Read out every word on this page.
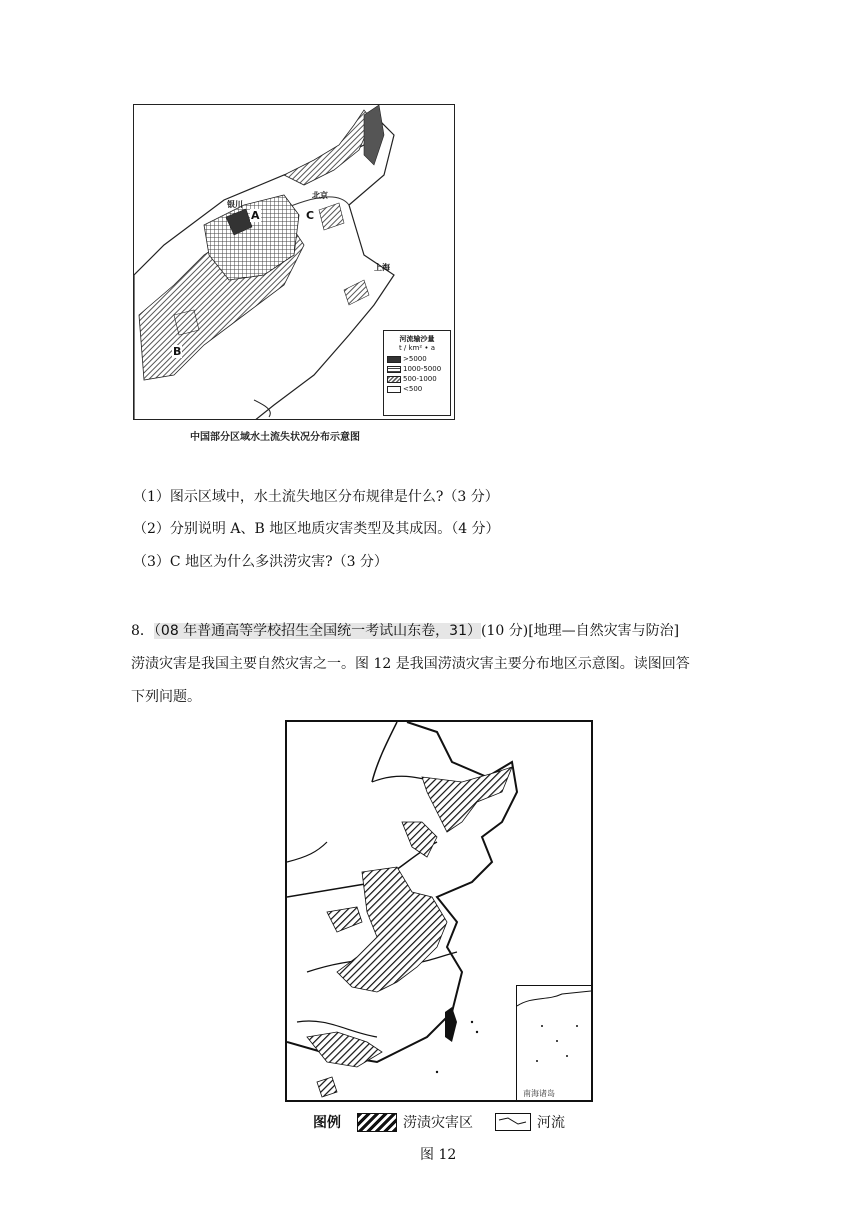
银川
北京
上海
A
B
C
河流输沙量
t / km² • a
>5000
1000-5000
500-1000
<500
中国部分区域水土流失状况分布示意图
（1）图示区域中，水土流失地区分布规律是什么?（3 分）
（2）分别说明 A、B 地区地质灾害类型及其成因。（4 分）
（3）C 地区为什么多洪涝灾害?（3 分）
8．（08 年普通高等学校招生全国统一考试山东卷，31）(10 分)[地理—自然灾害与防治]
涝渍灾害是我国主要自然灾害之一。图 12 是我国涝渍灾害主要分布地区示意图。读图回答
下列问题。
南海诸岛
图例	涝渍灾害区	河流
图 12
